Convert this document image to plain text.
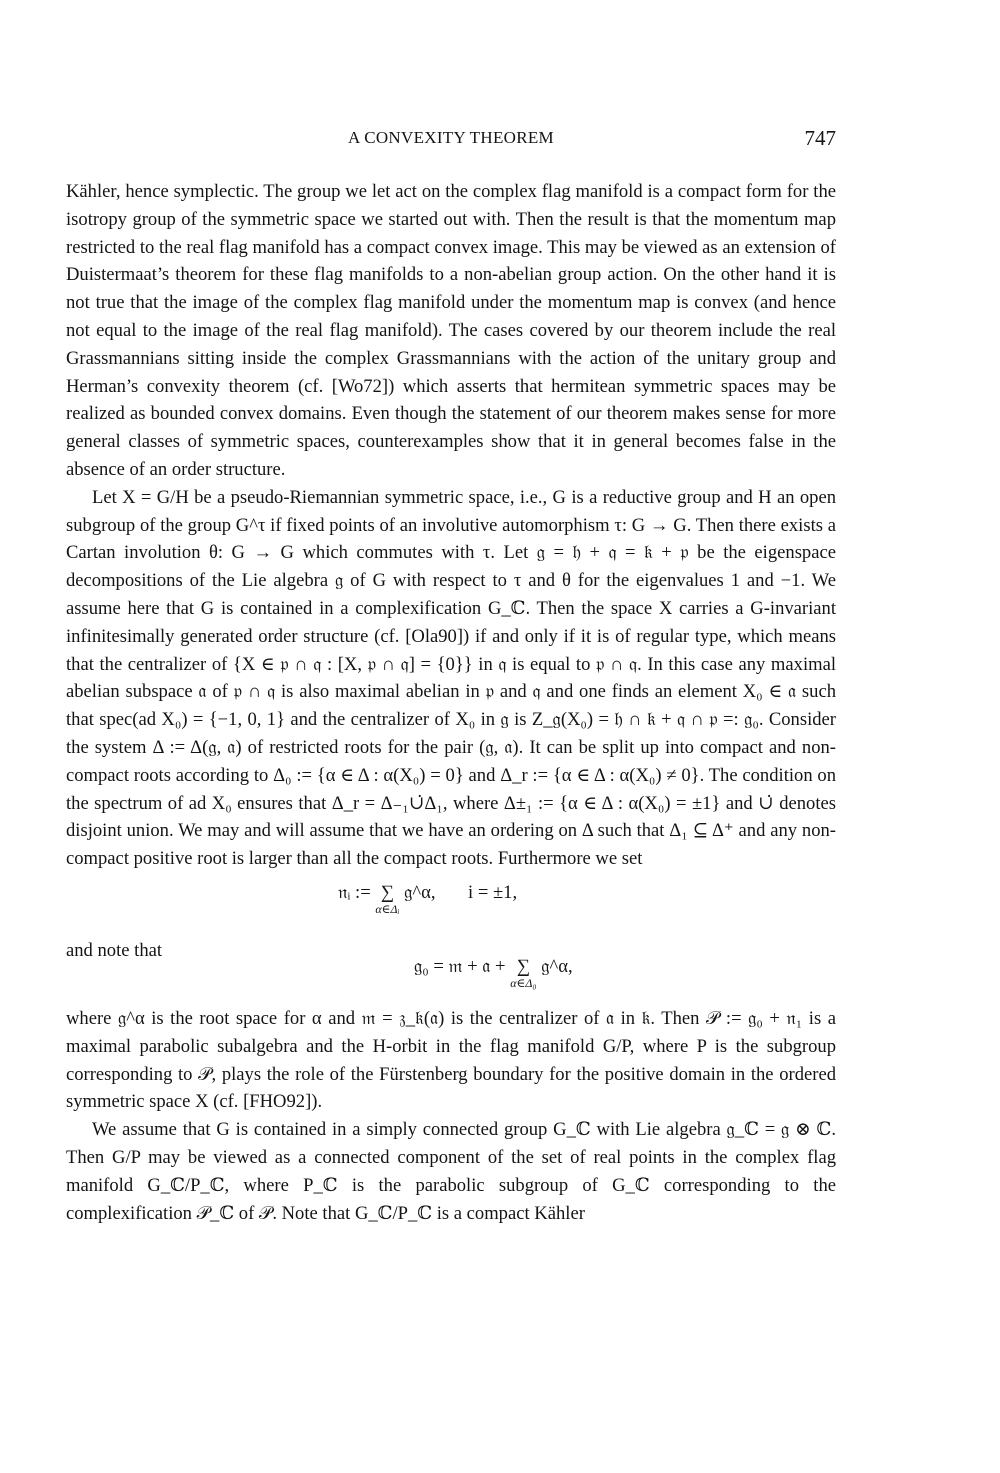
A CONVEXITY THEOREM	747

Kähler, hence symplectic. The group we let act on the complex flag manifold is a compact form for the isotropy group of the symmetric space we started out with. Then the result is that the momentum map restricted to the real flag manifold has a compact convex image. This may be viewed as an extension of Duistermaat’s theorem for these flag manifolds to a non-abelian group action. On the other hand it is not true that the image of the complex flag manifold under the momentum map is convex (and hence not equal to the image of the real flag manifold). The cases covered by our theorem include the real Grassmannians sitting inside the complex Grassmannians with the action of the unitary group and Herman’s convexity theorem (cf. [Wo72]) which asserts that hermitean symmetric spaces may be realized as bounded convex domains. Even though the statement of our theorem makes sense for more general classes of symmetric spaces, counterexamples show that it in general becomes false in the absence of an order structure.

Let X = G/H be a pseudo-Riemannian symmetric space, i.e., G is a reductive group and H an open subgroup of the group G^τ if fixed points of an involutive automorphism τ: G → G. Then there exists a Cartan involution θ: G → G which commutes with τ. Let 𝔤 = 𝔥 + 𝔮 = 𝔨 + 𝔭 be the eigenspace decompositions of the Lie algebra 𝔤 of G with respect to τ and θ for the eigenvalues 1 and −1. We assume here that G is contained in a complexification G_ℂ. Then the space X carries a G-invariant infinitesimally generated order structure (cf. [Ola90]) if and only if it is of regular type, which means that the centralizer of {X ∈ 𝔭 ∩ 𝔮 : [X, 𝔭 ∩ 𝔮] = {0}} in 𝔮 is equal to 𝔭 ∩ 𝔮. In this case any maximal abelian subspace 𝔞 of 𝔭 ∩ 𝔮 is also maximal abelian in 𝔭 and 𝔮 and one finds an element X₀ ∈ 𝔞 such that spec(ad X₀) = {−1, 0, 1} and the centralizer of X₀ in 𝔤 is Z_𝔤(X₀) = 𝔥 ∩ 𝔨 + 𝔮 ∩ 𝔭 =: 𝔤₀. Consider the system Δ := Δ(𝔤, 𝔞) of restricted roots for the pair (𝔤, 𝔞). It can be split up into compact and non-compact roots according to Δ₀ := {α ∈ Δ : α(X₀) = 0} and Δ_r := {α ∈ Δ : α(X₀) ≠ 0}. The condition on the spectrum of ad X₀ ensures that Δ_r = Δ₋₁∪̇Δ₁, where Δ±₁ := {α ∈ Δ : α(X₀) = ±1} and ∪̇ denotes disjoint union. We may and will assume that we have an ordering on Δ such that Δ₁ ⊆ Δ⁺ and any non-compact positive root is larger than all the compact roots. Furthermore we set

𝔫ᵢ := ∑
α∈Δᵢ
𝔤^α, i = ±1,
and note that
𝔤₀ = 𝔪 + 𝔞 + ∑
α∈Δ₀
𝔤^α,

where 𝔤^α is the root space for α and 𝔪 = 𝔷_𝔨(𝔞) is the centralizer of 𝔞 in 𝔨. Then 𝒫 := 𝔤₀ + 𝔫₁ is a maximal parabolic subalgebra and the H-orbit in the flag manifold G/P, where P is the subgroup corresponding to 𝒫, plays the role of the Fürstenberg boundary for the positive domain in the ordered symmetric space X (cf. [FHO92]).

We assume that G is contained in a simply connected group G_ℂ with Lie algebra 𝔤_ℂ = 𝔤 ⊗ ℂ. Then G/P may be viewed as a connected component of the set of real points in the complex flag manifold G_ℂ/P_ℂ, where P_ℂ is the parabolic subgroup of G_ℂ corresponding to the complexification 𝒫_ℂ of 𝒫. Note that G_ℂ/P_ℂ is a compact Kähler
